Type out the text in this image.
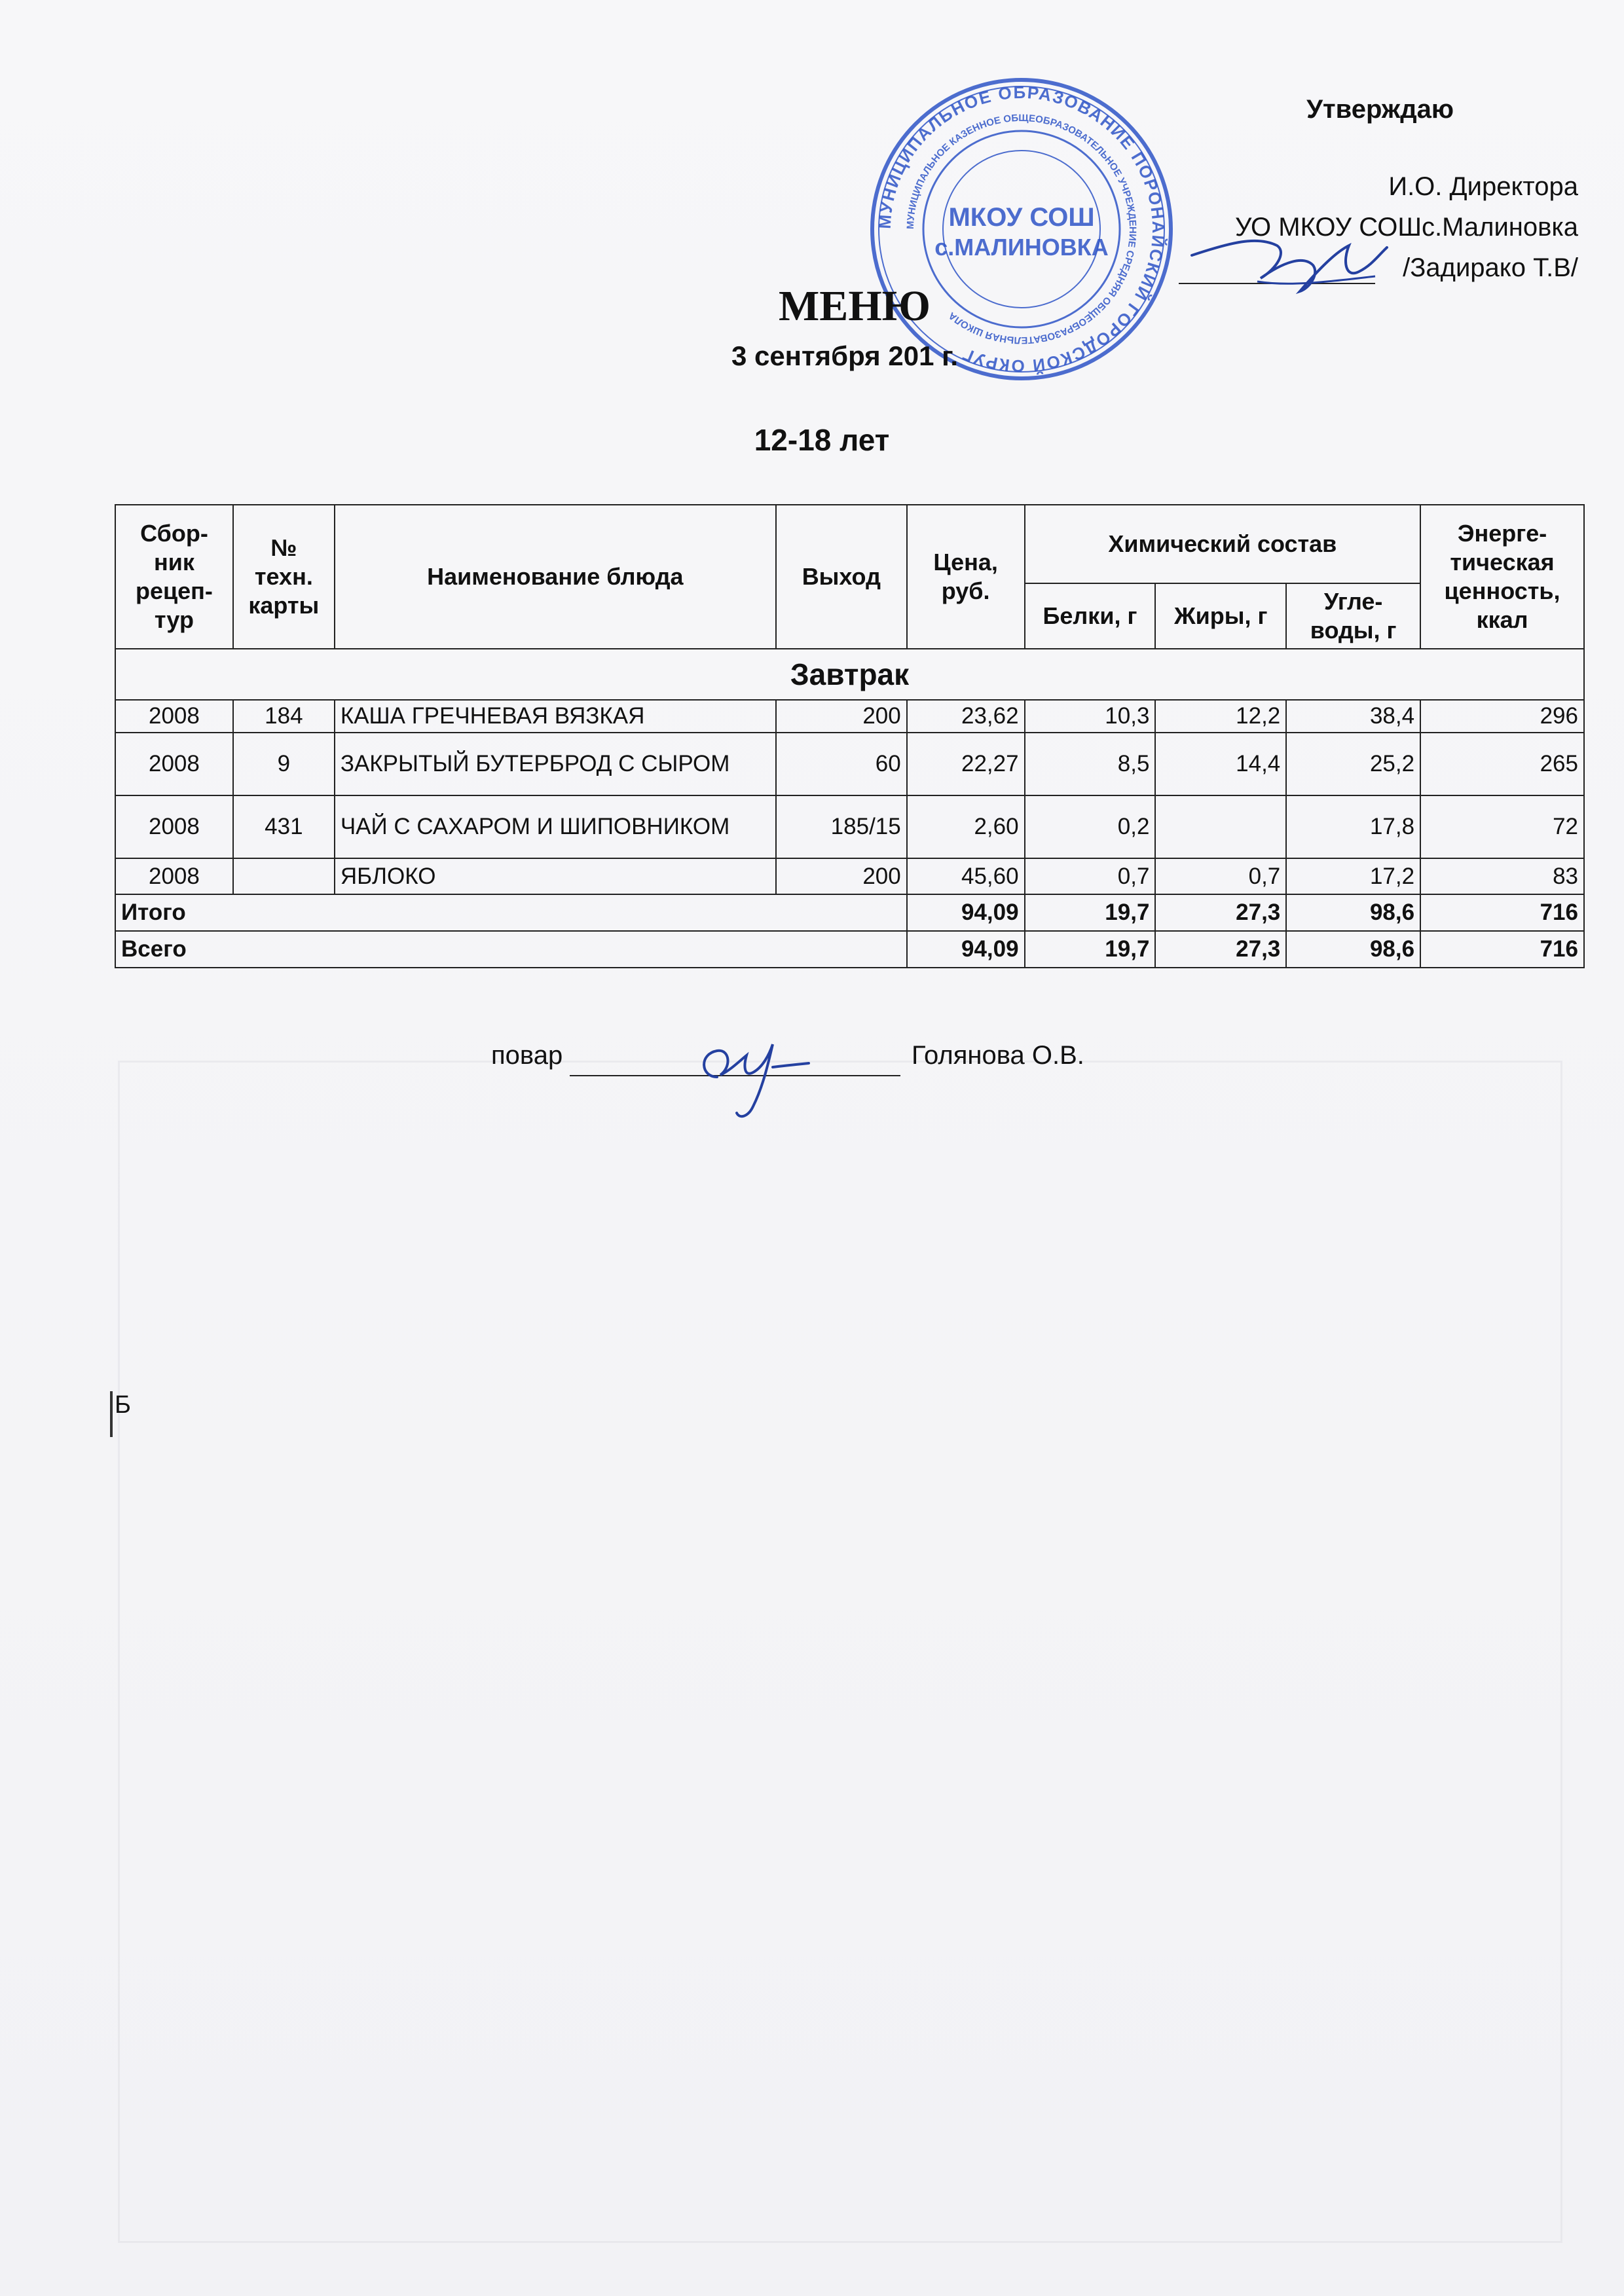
Утверждаю
И.О. Директора
УО МКОУ СОШс.Малиновка
/Задирако Т.В/
МУНИЦИПАЛЬНОЕ ОБРАЗОВАНИЕ ПОРОНАЙСКИЙ ГОРОДСКОЙ ОКРУГ
МУНИЦИПАЛЬНОЕ КАЗЕННОЕ ОБЩЕОБРАЗОВАТЕЛЬНОЕ УЧРЕЖДЕНИЕ СРЕДНЯЯ ОБЩЕОБРАЗОВАТЕЛЬНАЯ ШКОЛА
МКОУ СОШ
с.МАЛИНОВКА
МЕНЮ
3 сентября 201 г.
12-18 лет
Сбор-ник рецеп-тур	№ техн. карты	Наименование блюда	Выход	Цена, руб.	Химический состав			Энерге-тическая ценность, ккал
					Белки, г	Жиры, г	Угле-воды, г	
Завтрак								
2008	184	КАША ГРЕЧНЕВАЯ ВЯЗКАЯ	200	23,62	10,3	12,2	38,4	296
2008	9	ЗАКРЫТЫЙ БУТЕРБРОД С СЫРОМ	60	22,27	8,5	14,4	25,2	265
2008	431	ЧАЙ С САХАРОМ И ШИПОВНИКОМ	185/15	2,60	0,2		17,8	72
2008		ЯБЛОКО	200	45,60	0,7	0,7	17,2	83
Итого				94,09	19,7	27,3	98,6	716
Всего				94,09	19,7	27,3	98,6	716
повар	Голянова О.В.
Б
